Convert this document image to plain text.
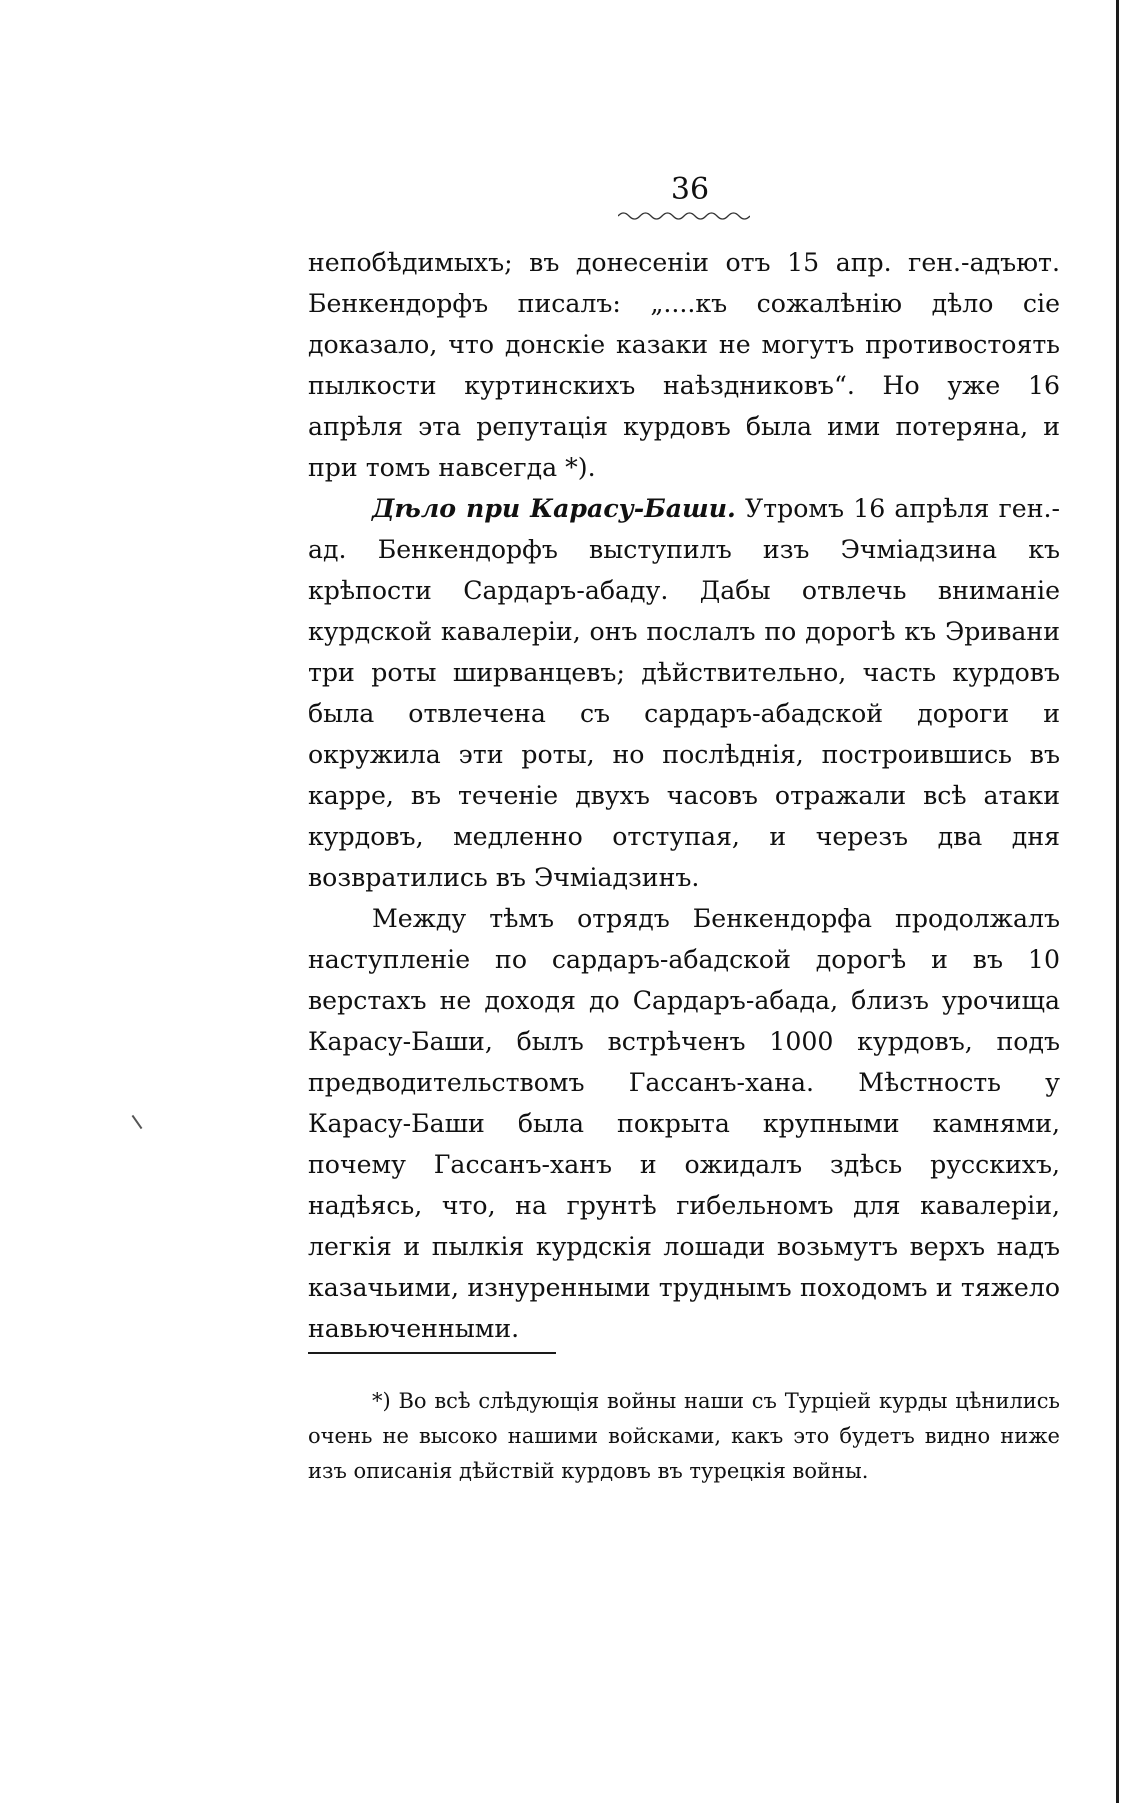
36

непобѣдимыхъ; въ донесеніи отъ 15 апр. ген.-адъют. Бенкендорфъ писалъ: „....къ сожалѣнію дѣло сіе доказало, что донскіе казаки не могутъ противостоять пылкости куртинскихъ наѣздниковъ“. Но уже 16 апрѣля эта репутація курдовъ была ими потеряна, и при томъ навсегда *).

Дѣло при Карасу-Баши. Утромъ 16 апрѣля ген.-ад. Бенкендорфъ выступилъ изъ Эчміадзина къ крѣпости Сардаръ-абаду. Дабы отвлечь вниманіе курдской кавалеріи, онъ послалъ по дорогѣ къ Эривани три роты ширванцевъ; дѣйствительно, часть курдовъ была отвлечена съ сардаръ-абадской дороги и окружила эти роты, но послѣднія, построившись въ карре, въ теченіе двухъ часовъ отражали всѣ атаки курдовъ, медленно отступая, и черезъ два дня возвратились въ Эчміадзинъ.

Между тѣмъ отрядъ Бенкендорфа продолжалъ наступленіе по сардаръ-абадской дорогѣ и въ 10 верстахъ не доходя до Сардаръ-абада, близъ урочища Карасу-Баши, былъ встрѣченъ 1000 курдовъ, подъ предводительствомъ Гассанъ-хана. Мѣстность у Карасу-Баши была покрыта крупными камнями, почему Гассанъ-ханъ и ожидалъ здѣсь русскихъ, надѣясь, что, на грунтѣ гибельномъ для кавалеріи, легкія и пылкія курдскія лошади возьмутъ верхъ надъ казачьими, изнуренными труднымъ походомъ и тяжело навьюченными.

*) Во всѣ слѣдующія войны наши съ Турціей курды цѣнились очень не высоко нашими войсками, какъ это будетъ видно ниже изъ описанія дѣйствій курдовъ въ турецкія войны.
